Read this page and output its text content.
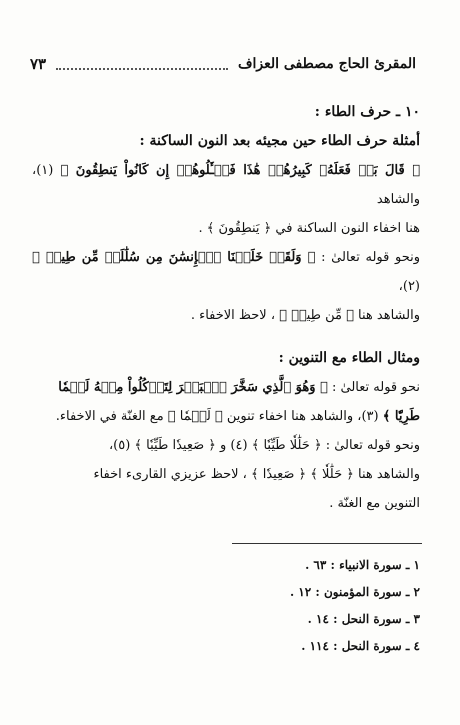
المقرئ الحاج مصطفى العزاف
٧٣

١٠ ـ حرف الطاء :

أمثلة حرف الطاء حين مجيئه بعد النون الساكنة :

﴿ قَالَ بَلۡ فَعَلَهُۥ كَبِيرُهُمۡ هَٰذَا فَسۡـَٔلُوهُمۡ إِن كَانُواْ يَنطِقُونَ ﴾ (١)، والشاهد

هنا اخفاء النون الساكنة في ﴿ يَنطِقُونَ ﴾ .

ونحو قوله تعالىٰ : ﴿ وَلَقَدۡ خَلَقۡنَا ٱلۡإِنسَٰنَ مِن سُلَٰلَةٖ مِّن طِينٖ ﴾(٢)،

والشاهد هنا ﴿ مِّن طِينٖ ﴾ ، لاحظ الاخفاء .

ومثال الطاء مع التنوين :

نحو قوله تعالىٰ : ﴿ وَهُوَ ٱلَّذِي سَخَّرَ ٱلۡبَحۡرَ لِتَأۡكُلُواْ مِنۡهُ لَحۡمٗا

طَرِيّٗا ﴾ (٣)، والشاهد هنا اخفاء تنوين ﴿ لَحۡمٗا ﴾ مع الغنّة في الاخفاء.

ونحو قوله تعالىٰ : ﴿ حَلَٰلٗا طَيِّبٗا ﴾ (٤) و ﴿ صَعِيدٗا طَيِّبٗا ﴾ (٥)،

والشاهد هنا ﴿ حَلَٰلٗا ﴾ ﴿ صَعِيدٗا ﴾ ، لاحظ عزيزي القارىء اخفاء

التنوين مع الغنّة .

١ ـ سورة الانبياء : ٦٣ .

٢ ـ سورة المؤمنون : ١٢ .

٣ ـ سورة النحل : ١٤ .

٤ ـ سورة النحل : ١١٤ .
